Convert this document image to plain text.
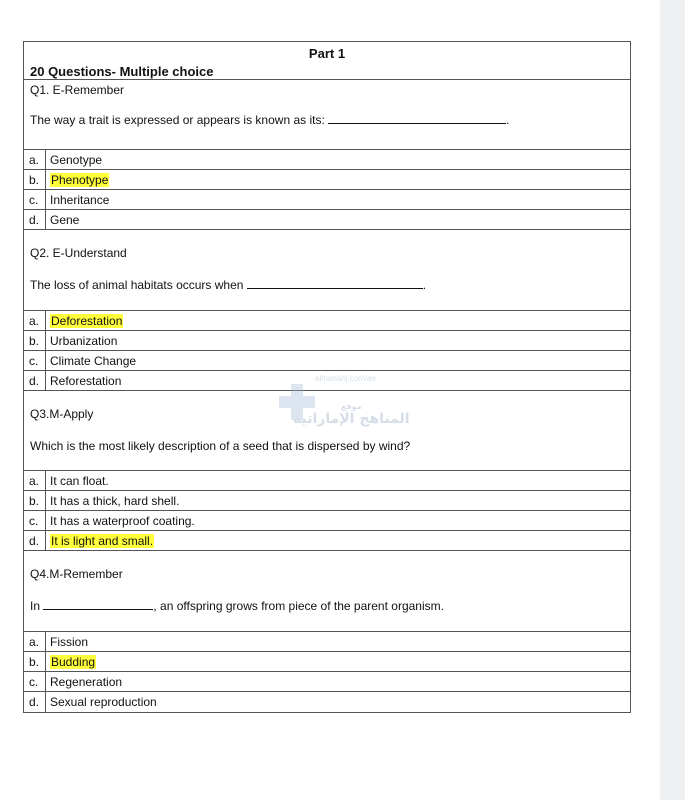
Part 1
20 Questions- Multiple choice
Q1. E-Remember
The way a trait is expressed or appears is known as its:	.
a. Genotype
b. Phenotype
c. Inheritance
d. Gene
Q2. E-Understand
The loss of animal habitats occurs when	.
a. Deforestation
b. Urbanization
c. Climate Change
d. Reforestation
Q3.M-Apply
Which is the most likely description of a seed that is dispersed by wind?
a. It can float.
b. It has a thick, hard shell.
c. It has a waterproof coating.
d. It is light and small.
Q4.M-Remember
In	, an offspring grows from piece of the parent organism.
a. Fission
b. Budding
c. Regeneration
d. Sexual reproduction
almanahj.com/ae
موقع
المناهج الإماراتية
